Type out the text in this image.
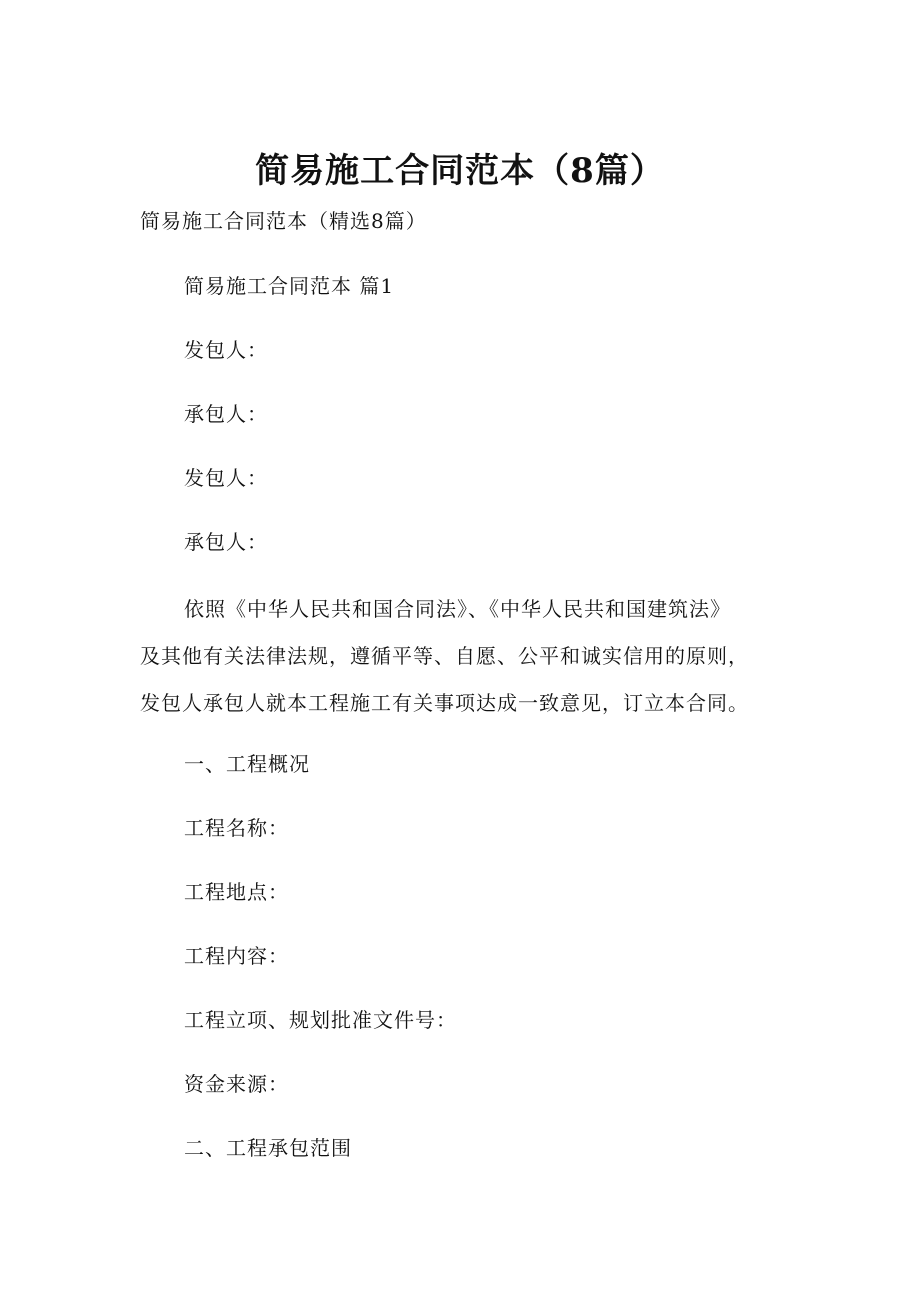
简易施工合同范本（8篇）
简易施工合同范本（精选8篇）
简易施工合同范本 篇1
发包人：
承包人：
发包人：
承包人：

依照《中华人民共和国合同法》、《中华人民共和国建筑法》

及其他有关法律法规，遵循平等、自愿、公平和诚实信用的原则，

发包人承包人就本工程施工有关事项达成一致意见，订立本合同。

一、工程概况
工程名称：
工程地点：
工程内容：
工程立项、规划批准文件号：
资金来源：
二、工程承包范围
